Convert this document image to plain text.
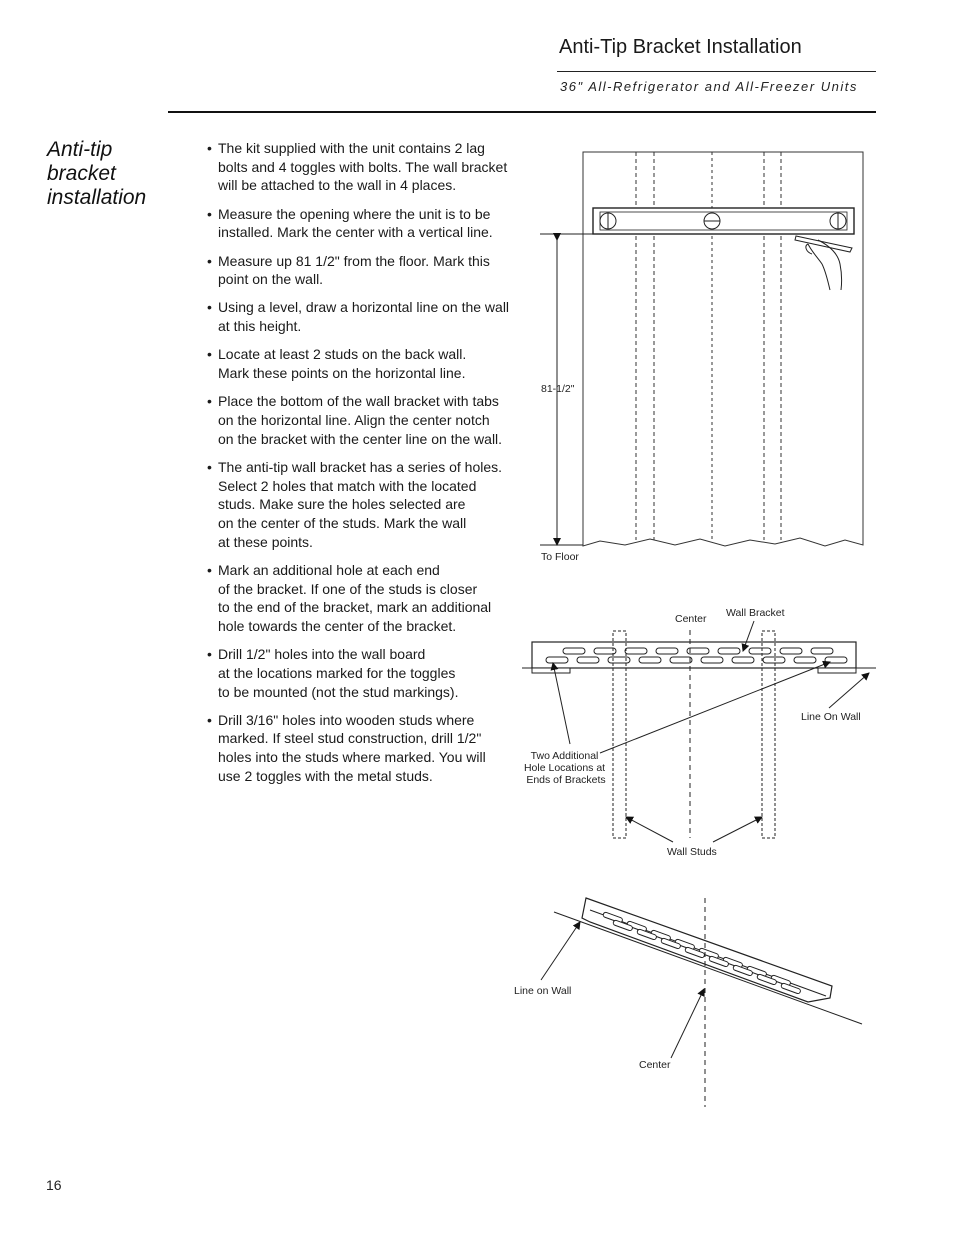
Anti-Tip Bracket Installation
36" All-Refrigerator and All-Freezer Units
Anti-tip bracket installation
• The kit supplied with the unit contains 2 lag
bolts and 4 toggles with bolts. The wall bracket
will be attached to the wall in 4 places.
• Measure the opening where the unit is to be
installed. Mark the center with a vertical line.
• Measure up 81 1/2" from the floor. Mark this
point on the wall.
• Using a level, draw a horizontal line on the wall
at this height.
• Locate at least 2 studs on the back wall.
Mark these points on the horizontal line.
• Place the bottom of the wall bracket with tabs
on the horizontal line. Align the center notch
on the bracket with the center line on the wall.
• The anti-tip wall bracket has a series of holes.
Select 2 holes that match with the located
studs. Make sure the holes selected are
on the center of the studs. Mark the wall
at these points.
• Mark an additional hole at each end
of the bracket. If one of the studs is closer
to the end of the bracket, mark an additional
hole towards the center of the bracket.
• Drill 1/2" holes into the wall board
at the locations marked for the toggles
to be mounted (not the stud markings).
• Drill 3/16" holes into wooden studs where
marked. If steel stud construction, drill 1/2"
holes into the studs where marked. You will
use 2 toggles with the metal studs.
81-1/2"
To Floor
Center Wall Bracket
Line On Wall
Two Additional Hole Locations at Ends of Brackets
Wall Studs
Line on Wall
Center
16
